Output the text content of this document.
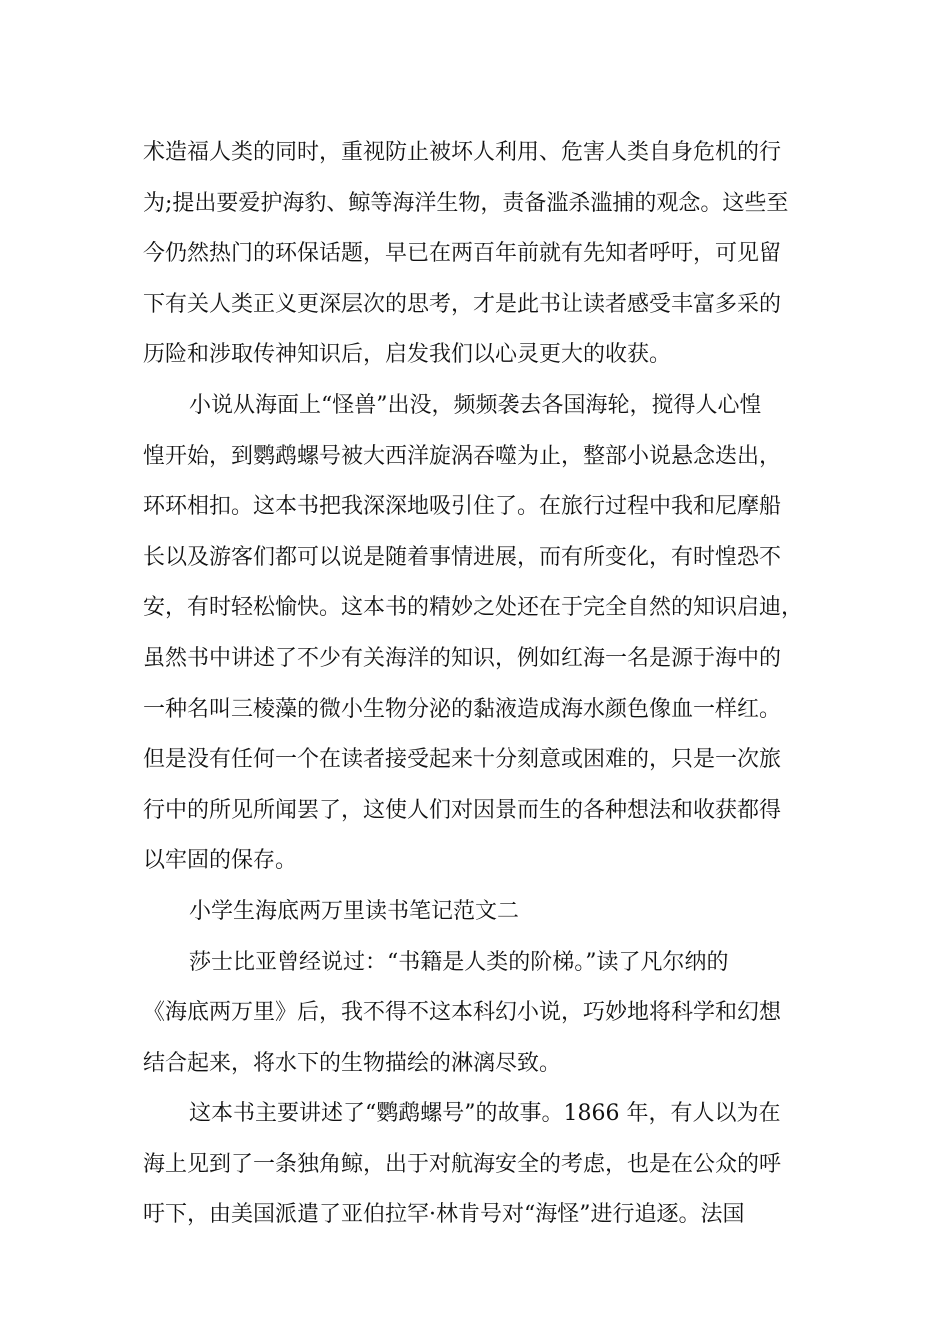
术造福人类的同时，重视防止被坏人利用、危害人类自身危机的行
为;提出要爱护海豹、鲸等海洋生物，责备滥杀滥捕的观念。这些至
今仍然热门的环保话题，早已在两百年前就有先知者呼吁，可见留
下有关人类正义更深层次的思考，才是此书让读者感受丰富多采的
历险和涉取传神知识后，启发我们以心灵更大的收获。
小说从海面上“怪兽”出没，频频袭去各国海轮，搅得人心惶
惶开始，到鹦鹉螺号被大西洋旋涡吞噬为止，整部小说悬念迭出，
环环相扣。这本书把我深深地吸引住了。在旅行过程中我和尼摩船
长以及游客们都可以说是随着事情进展，而有所变化，有时惶恐不
安，有时轻松愉快。这本书的精妙之处还在于完全自然的知识启迪，
虽然书中讲述了不少有关海洋的知识，例如红海一名是源于海中的
一种名叫三棱藻的微小生物分泌的黏液造成海水颜色像血一样红。
但是没有任何一个在读者接受起来十分刻意或困难的，只是一次旅
行中的所见所闻罢了，这使人们对因景而生的各种想法和收获都得
以牢固的保存。
小学生海底两万里读书笔记范文二
莎士比亚曾经说过：“书籍是人类的阶梯。”读了凡尔纳的
《海底两万里》后，我不得不这本科幻小说，巧妙地将科学和幻想
结合起来，将水下的生物描绘的淋漓尽致。
这本书主要讲述了“鹦鹉螺号”的故事。1866 年，有人以为在
海上见到了一条独角鲸，出于对航海安全的考虑，也是在公众的呼
吁下，由美国派遣了亚伯拉罕·林肯号对“海怪”进行追逐。法国
